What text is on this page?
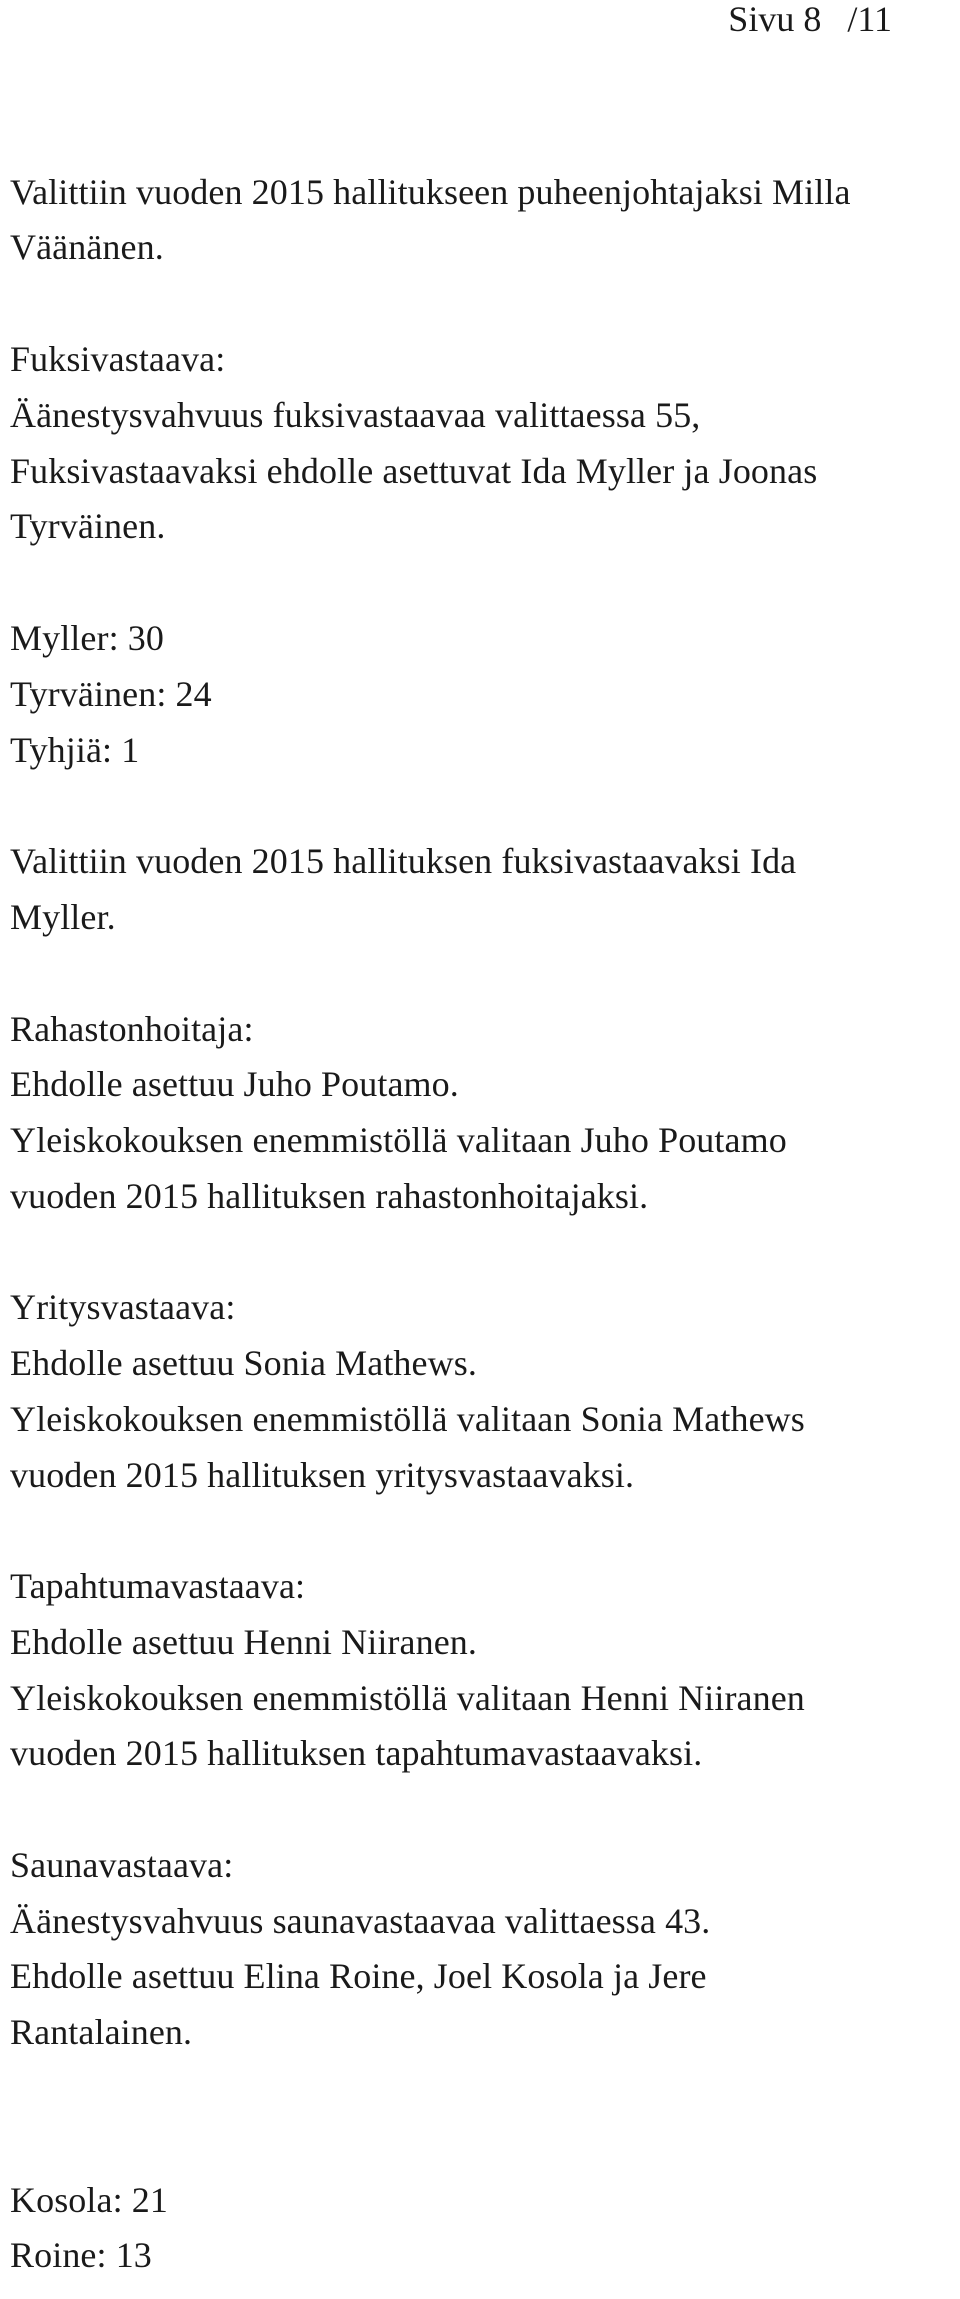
Sivu 8 /11
Valittiin vuoden 2015 hallitukseen puheenjohtajaksi Milla
Väänänen.
Fuksivastaava:
Äänestysvahvuus fuksivastaavaa valittaessa 55,
Fuksivastaavaksi ehdolle asettuvat Ida Myller ja Joonas
Tyrväinen.
Myller: 30
Tyrväinen: 24
Tyhjiä: 1
Valittiin vuoden 2015 hallituksen fuksivastaavaksi Ida
Myller.
Rahastonhoitaja:
Ehdolle asettuu Juho Poutamo.
Yleiskokouksen enemmistöllä valitaan Juho Poutamo
vuoden 2015 hallituksen rahastonhoitajaksi.
Yritysvastaava:
Ehdolle asettuu Sonia Mathews.
Yleiskokouksen enemmistöllä valitaan Sonia Mathews
vuoden 2015 hallituksen yritysvastaavaksi.
Tapahtumavastaava:
Ehdolle asettuu Henni Niiranen.
Yleiskokouksen enemmistöllä valitaan Henni Niiranen
vuoden 2015 hallituksen tapahtumavastaavaksi.
Saunavastaava:
Äänestysvahvuus saunavastaavaa valittaessa 43.
Ehdolle asettuu Elina Roine, Joel Kosola ja Jere
Rantalainen.
Kosola: 21
Roine: 13
